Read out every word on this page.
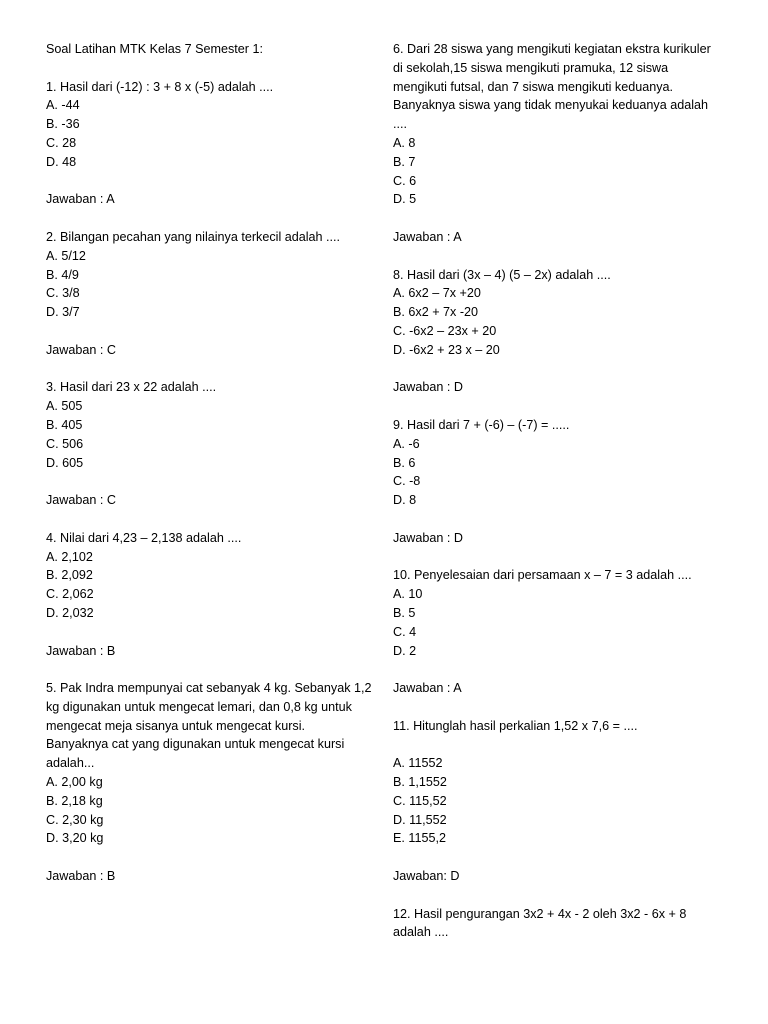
Soal Latihan MTK Kelas 7 Semester 1:
1. Hasil dari (-12) : 3 + 8 x (-5) adalah ....
A. -44
B. -36
C. 28
D. 48
Jawaban : A
2. Bilangan pecahan yang nilainya terkecil adalah ....
A. 5/12
B. 4/9
C. 3/8
D. 3/7
Jawaban : C
3. Hasil dari 23 x 22 adalah ....
A. 505
B. 405
C. 506
D. 605
Jawaban : C
4. Nilai dari 4,23 – 2,138 adalah ....
A. 2,102
B. 2,092
C. 2,062
D. 2,032
Jawaban : B
5. Pak Indra mempunyai cat sebanyak 4 kg. Sebanyak 1,2
kg digunakan untuk mengecat lemari, dan 0,8 kg untuk
mengecat meja sisanya untuk mengecat kursi.
Banyaknya cat yang digunakan untuk mengecat kursi
adalah...
A. 2,00 kg
B. 2,18 kg
C. 2,30 kg
D. 3,20 kg
Jawaban : B
6. Dari 28 siswa yang mengikuti kegiatan ekstra kurikuler
di sekolah,15 siswa mengikuti pramuka, 12 siswa
mengikuti futsal, dan 7 siswa mengikuti keduanya.
Banyaknya siswa yang tidak menyukai keduanya adalah
....
A. 8
B. 7
C. 6
D. 5
Jawaban : A
8. Hasil dari (3x – 4) (5 – 2x) adalah ....
A. 6x2 – 7x +20
B. 6x2 + 7x -20
C. -6x2 – 23x + 20
D. -6x2 + 23 x – 20
Jawaban : D
9. Hasil dari 7 + (-6) – (-7) = .....
A. -6
B. 6
C. -8
D. 8
Jawaban : D
10. Penyelesaian dari persamaan x – 7 = 3 adalah ....
A. 10
B. 5
C. 4
D. 2
Jawaban : A
11. Hitunglah hasil perkalian 1,52 x 7,6 = ....
A. 11552
B. 1,1552
C. 115,52
D. 11,552
E. 1155,2
Jawaban: D
12. Hasil pengurangan 3x2 + 4x - 2 oleh 3x2 - 6x + 8
adalah ....
